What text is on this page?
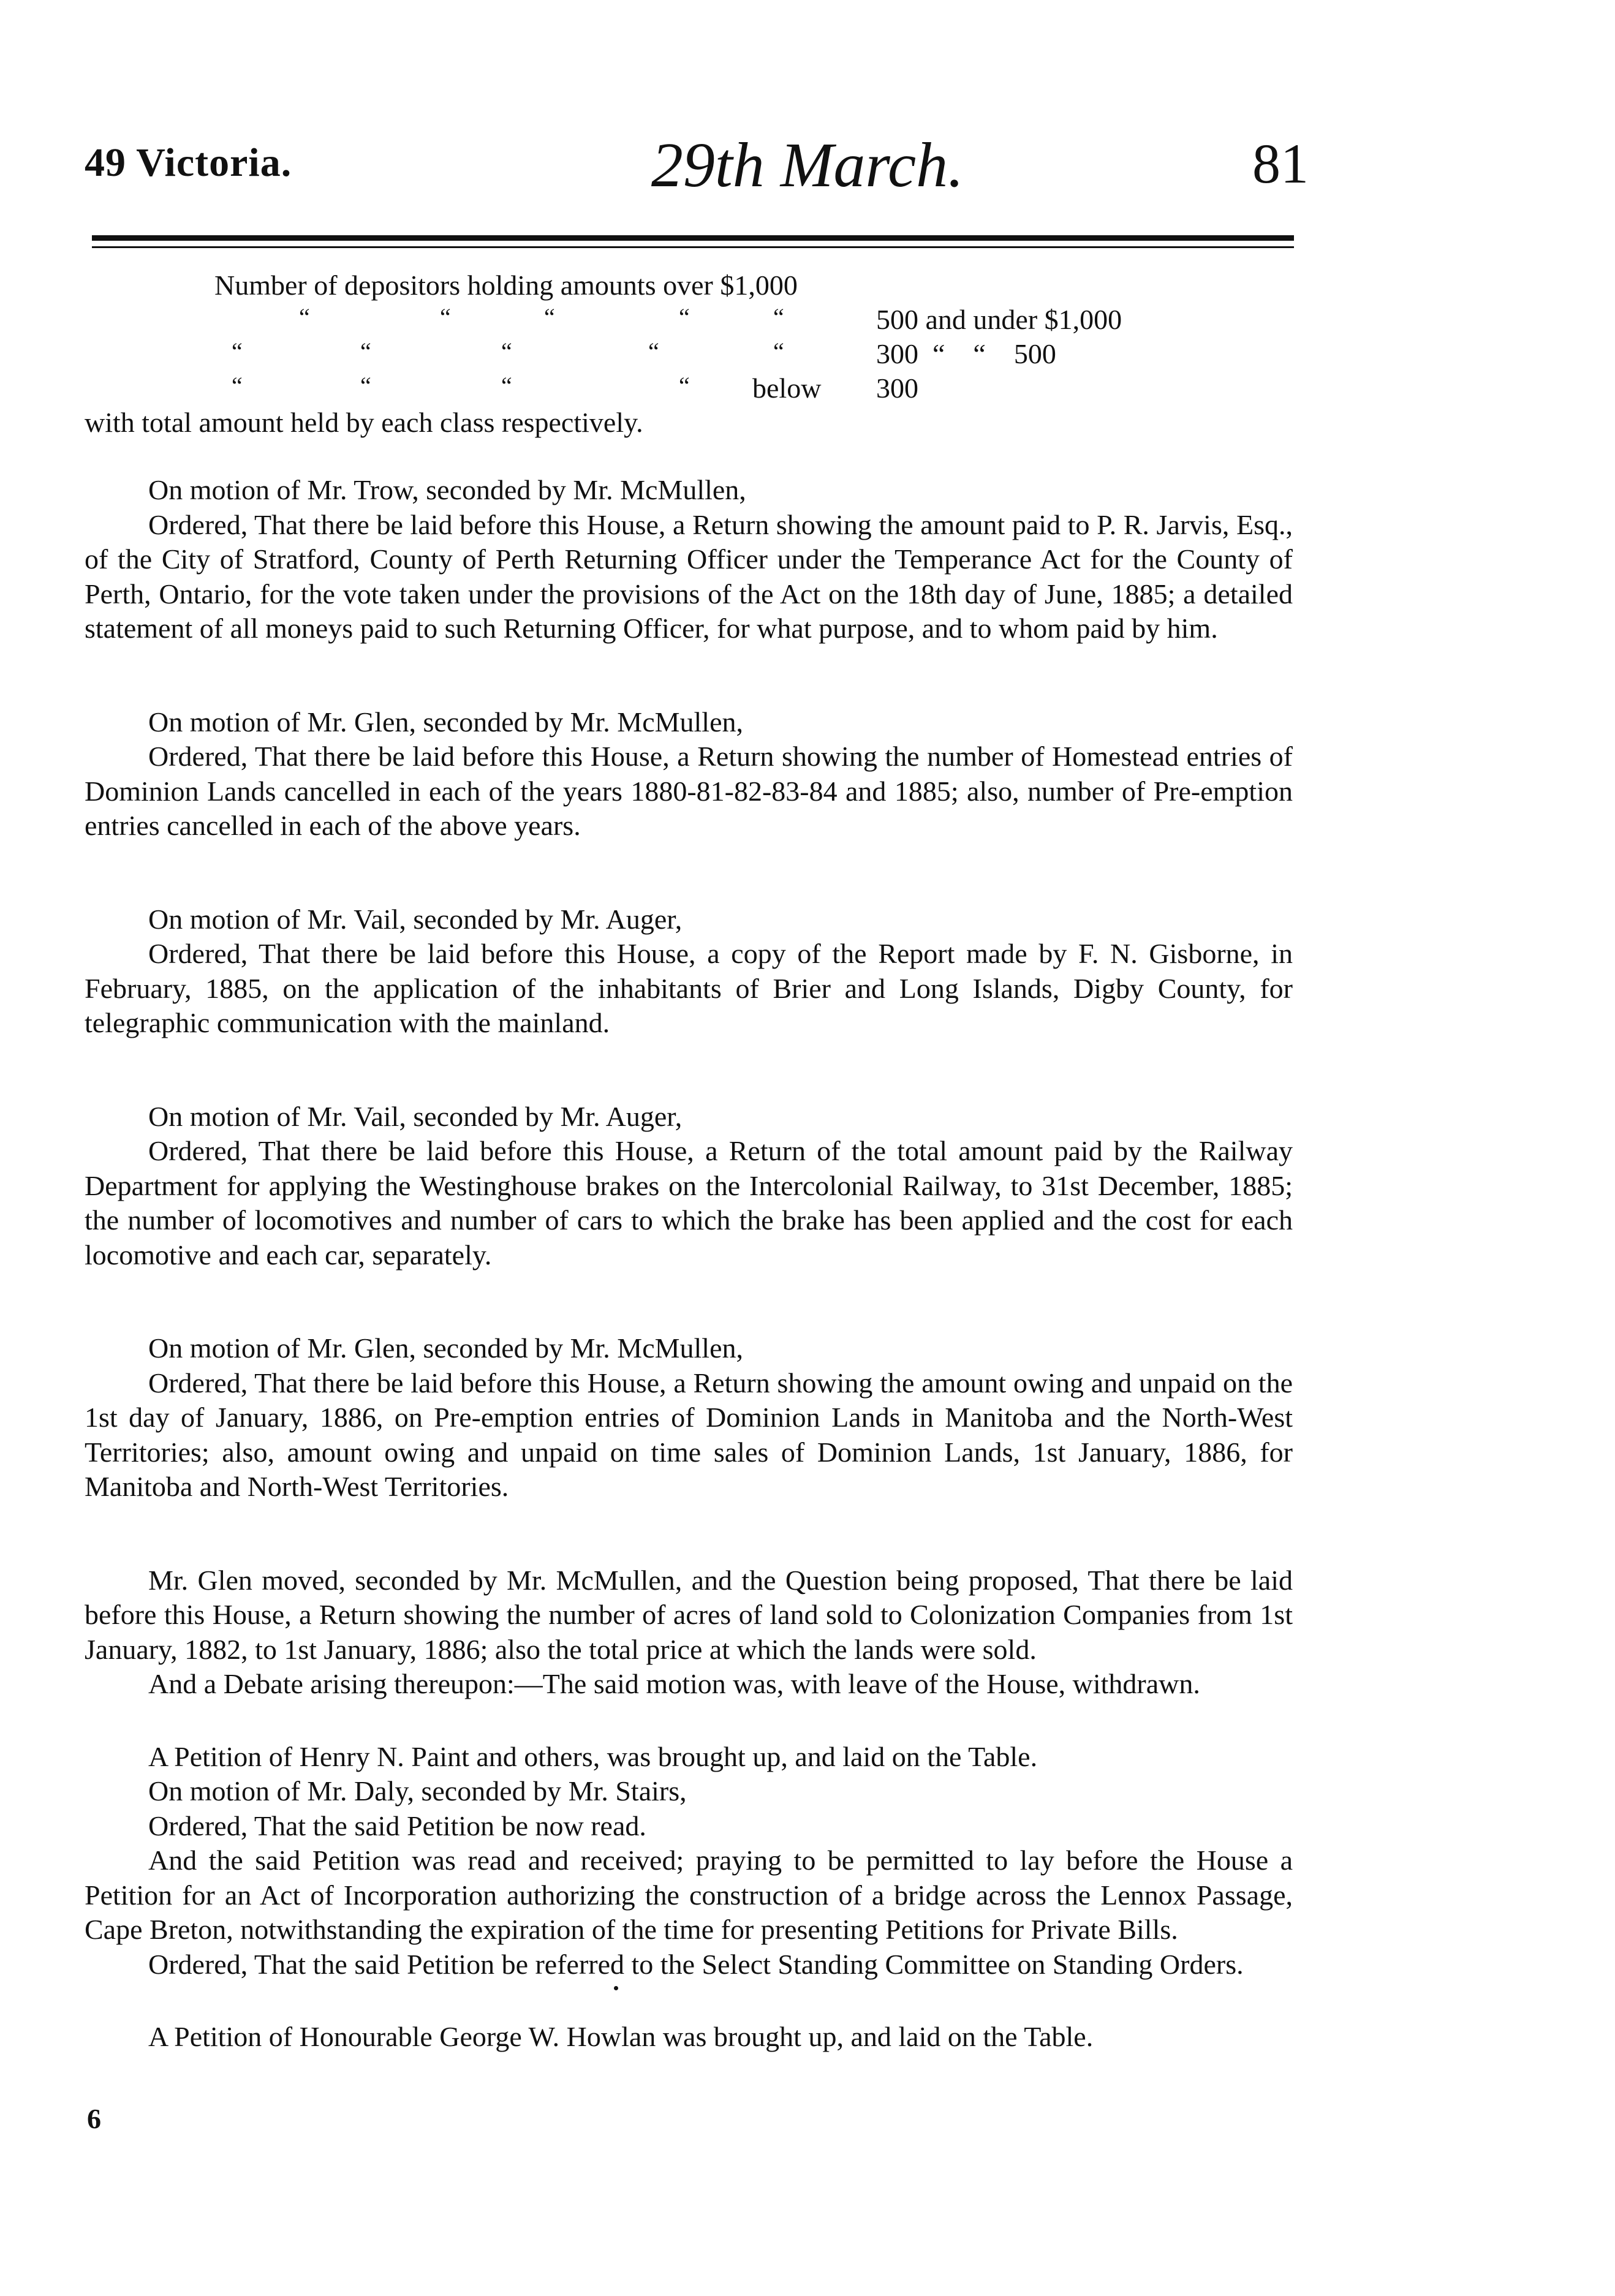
49 Victoria.	29th March.	81
Number of depositors holding amounts over $1,000
“	“	“	“	“	500 and under $1,000
“	“	“	“	“	300  “    “    500
“	“	“	“ below 300
with total amount held by each class respectively.

On motion of Mr. Trow, seconded by Mr. McMullen,

Ordered, That there be laid before this House, a Return showing the amount paid to P. R. Jarvis, Esq., of the City of Stratford, County of Perth Returning Officer under the Temperance Act for the County of Perth, Ontario, for the vote taken under the provisions of the Act on the 18th day of June, 1885; a detailed statement of all moneys paid to such Returning Officer, for what purpose, and to whom paid by him.

On motion of Mr. Glen, seconded by Mr. McMullen,

Ordered, That there be laid before this House, a Return showing the number of Homestead entries of Dominion Lands cancelled in each of the years 1880-81-82-83-84 and 1885; also, number of Pre-emption entries cancelled in each of the above years.

On motion of Mr. Vail, seconded by Mr. Auger,

Ordered, That there be laid before this House, a copy of the Report made by F. N. Gisborne, in February, 1885, on the application of the inhabitants of Brier and Long Islands, Digby County, for telegraphic communication with the mainland.

On motion of Mr. Vail, seconded by Mr. Auger,

Ordered, That there be laid before this House, a Return of the total amount paid by the Railway Department for applying the Westinghouse brakes on the Intercolonial Railway, to 31st December, 1885; the number of locomotives and number of cars to which the brake has been applied and the cost for each locomotive and each car, separately.

On motion of Mr. Glen, seconded by Mr. McMullen,

Ordered, That there be laid before this House, a Return showing the amount owing and unpaid on the 1st day of January, 1886, on Pre-emption entries of Dominion Lands in Manitoba and the North-West Territories; also, amount owing and unpaid on time sales of Dominion Lands, 1st January, 1886, for Manitoba and North-West Territories.

Mr. Glen moved, seconded by Mr. McMullen, and the Question being proposed, That there be laid before this House, a Return showing the number of acres of land sold to Colonization Companies from 1st January, 1882, to 1st January, 1886; also the total price at which the lands were sold.

And a Debate arising thereupon:—The said motion was, with leave of the House, withdrawn.

A Petition of Henry N. Paint and others, was brought up, and laid on the Table.

On motion of Mr. Daly, seconded by Mr. Stairs,

Ordered, That the said Petition be now read.

And the said Petition was read and received; praying to be permitted to lay before the House a Petition for an Act of Incorporation authorizing the construction of a bridge across the Lennox Passage, Cape Breton, notwithstanding the expiration of the time for presenting Petitions for Private Bills.

Ordered, That the said Petition be referred to the Select Standing Committee on Standing Orders.

A Petition of Honourable George W. Howlan was brought up, and laid on the Table.

6
